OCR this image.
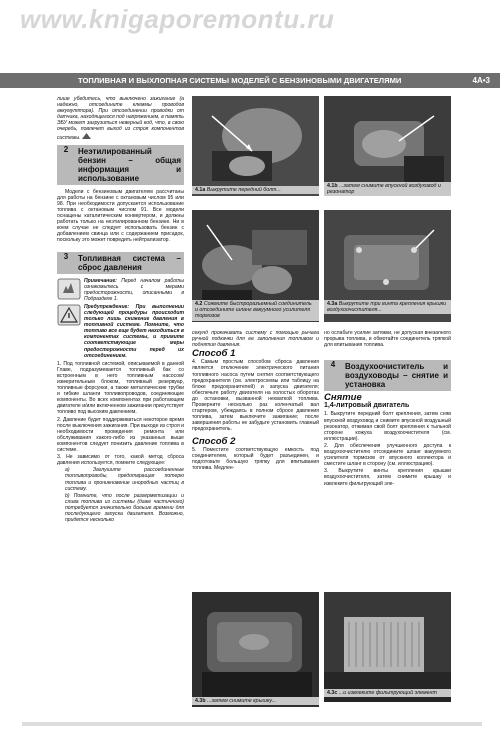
www.knigaporemontu.ru
ТОПЛИВНАЯ И ВЫХЛОПНАЯ СИСТЕМЫ МОДЕЛЕЙ С БЕНЗИНОВЫМИ ДВИГАТЕЛЯМИ	4А•3

лише убедитесь, что выключено зажигание (а надежно, отсоедините клеммы проводов аккумулятора). При отсоединении проводки от датчика, находящегося под напряжением, в память ЭБУ может загрузиться неверный код, что, в свою очередь, повлечет выход из строя компонентов системы.

2	Неэтилированный бензин – общая информация и использование

Модели с бензиновым двигателем рассчитаны для работы на бензине с октановым числом 95 или 98. При необходимости допускается использование топлива с октановым числом 91. Все модели оснащены каталитическим конвертером, и должны работать только на неэтилированном бензине. Ни в коем случае не следует использовать бензин с добавлением свинца или с содержанием присадок, поскольку это может повредить нейтрализатор.

3	Топливная система – сброс давления
Примечание: Перед началом работы ознакомьтесь с мерами предосторожности, описанными в Подразделе 1.
Предупреждение: При выполнении следующей процедуры происходит только лишь снижение давления в топливной системе. Помните, что топливо все еще будет находиться в компонентах системы, и примите соответствующие меры предосторожности перед их отсоединением.

1. Под топливной системой, описываемой в данной Главе, подразумевается топливный бак со встроенным в него топливным насосом/измерительным блоком, топливный резервуар, топливные форсунки, а также металлические трубки и гибкие шланги топливопроводов, соединяющие компоненты. Во всех компонентах при работающем двигателе и/или включенном зажигании присутствует топливо под высоким давлением.

2. Давление будет поддерживаться некоторое время после выключения зажигания. При выходе из строя и необходимости проведения ремонта или обслуживания какого-либо из указанных выше компонентов следует понизить давление топлива в системе.

3. Не зависимо от того, какой метод сброса давления используется, помните следующее:

а) Заглушите рассоединенные топливопроводы, предотвращая потерю топлива и проникновение инородных частиц в систему.

b) Помните, что после разгерметизации и слива топлива из системы (даже частичного) потребуется значительно больше времени для последующего запуска двигателя. Возможно, придется несколько

4.1a Выкрутите передний болт...
4.1b ...затем снимите впускной воздуховод и резонатор
4.2 Сожмите быстроразъемный соединитель и отсоедините шланг вакуумного усилителя тормозов
4.3a Выкрутите три винта крепления крышки воздухоочистителя...

секунд прокачивать систему с помощью рычага ручной подкачки для ее заполнения топливом и поднятия давления.

Способ 1

4. Самым простым способом сброса давления является отключение электрического питания топливного насоса путем снятия соответствующего предохранителя (см. электросхемы или таблицу на блоке предохранителей) и запуска двигателя; обеспечьте работу двигателя на холостых оборотах до остановки, вызванной нехваткой топлива. Проверните несколько раз коленчатый вал стартером, убеждаясь в полном сбросе давления топлива, затем выключите зажигание; после завершения работы не забудьте установить главный предохранитель.

Способ 2

5. Поместите соответствующую емкость под соединителем, который будет разъединен, и подготовьте большую тряпку для впитывания топлива. Медлен-

но ослабьте усилие затяжки, не допуская внезапного прорыва топлива, и обмотайте соединитель тряпкой для впитывания топлива.

4	Воздухоочиститель и воздуховоды – снятие и установка
Снятие
1,4-литровый двигатель

1. Выкрутите передний болт крепления, затем сняв впускной воздуховод и снимите впускной воздушный резонатор, отжимая свой болт крепления к тыльной стороне кожуха воздухоочистителя (см. иллюстрации).

2. Для обеспечения улучшенного доступа к воздухоочистителю отсоедините шланг вакуумного усилителя тормозов от впускного коллектора и сместите шланг в сторону (см. иллюстрацию).

3. Выкрутите винты крепления крышки воздухоочистителя, затем снимите крышку и извлеките фильтрующий эле-

4.3b ...затем снимите крышку...
4.3c ...и извлеките фильтрующий элемент
